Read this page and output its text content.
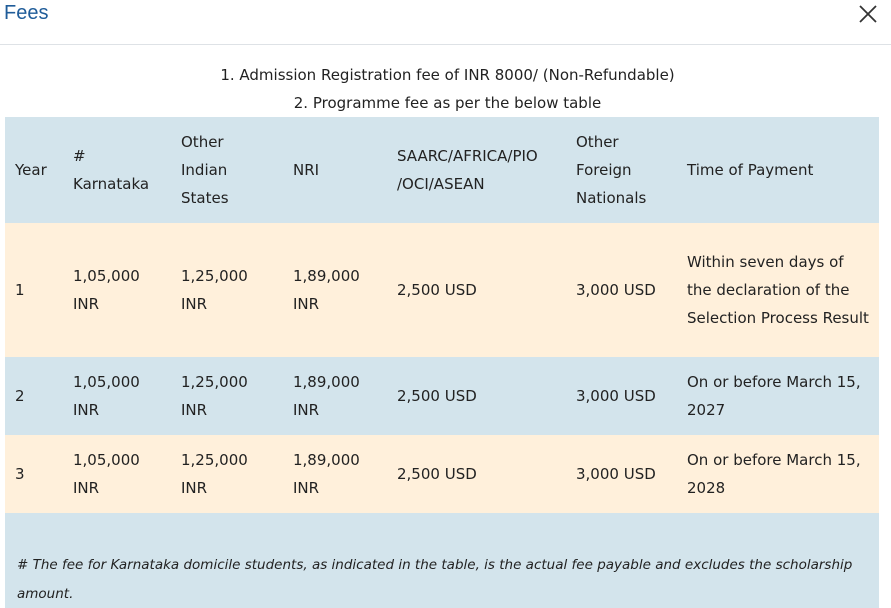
Fees
1. Admission Registration fee of INR 8000/ (Non-Refundable)
2. Programme fee as per the below table
Year	# Karnataka	Other Indian States	NRI	SAARC/AFRICA/PIO /OCI/ASEAN	Other Foreign Nationals	Time of Payment
1	1,05,000 INR	1,25,000 INR	1,89,000 INR	2,500 USD	3,000 USD	Within seven days of the declaration of the Selection Process Result
2	1,05,000 INR	1,25,000 INR	1,89,000 INR	2,500 USD	3,000 USD	On or before March 15, 2027
3	1,05,000 INR	1,25,000 INR	1,89,000 INR	2,500 USD	3,000 USD	On or before March 15, 2028
# The fee for Karnataka domicile students, as indicated in the table, is the actual fee payable and excludes the scholarship amount.
